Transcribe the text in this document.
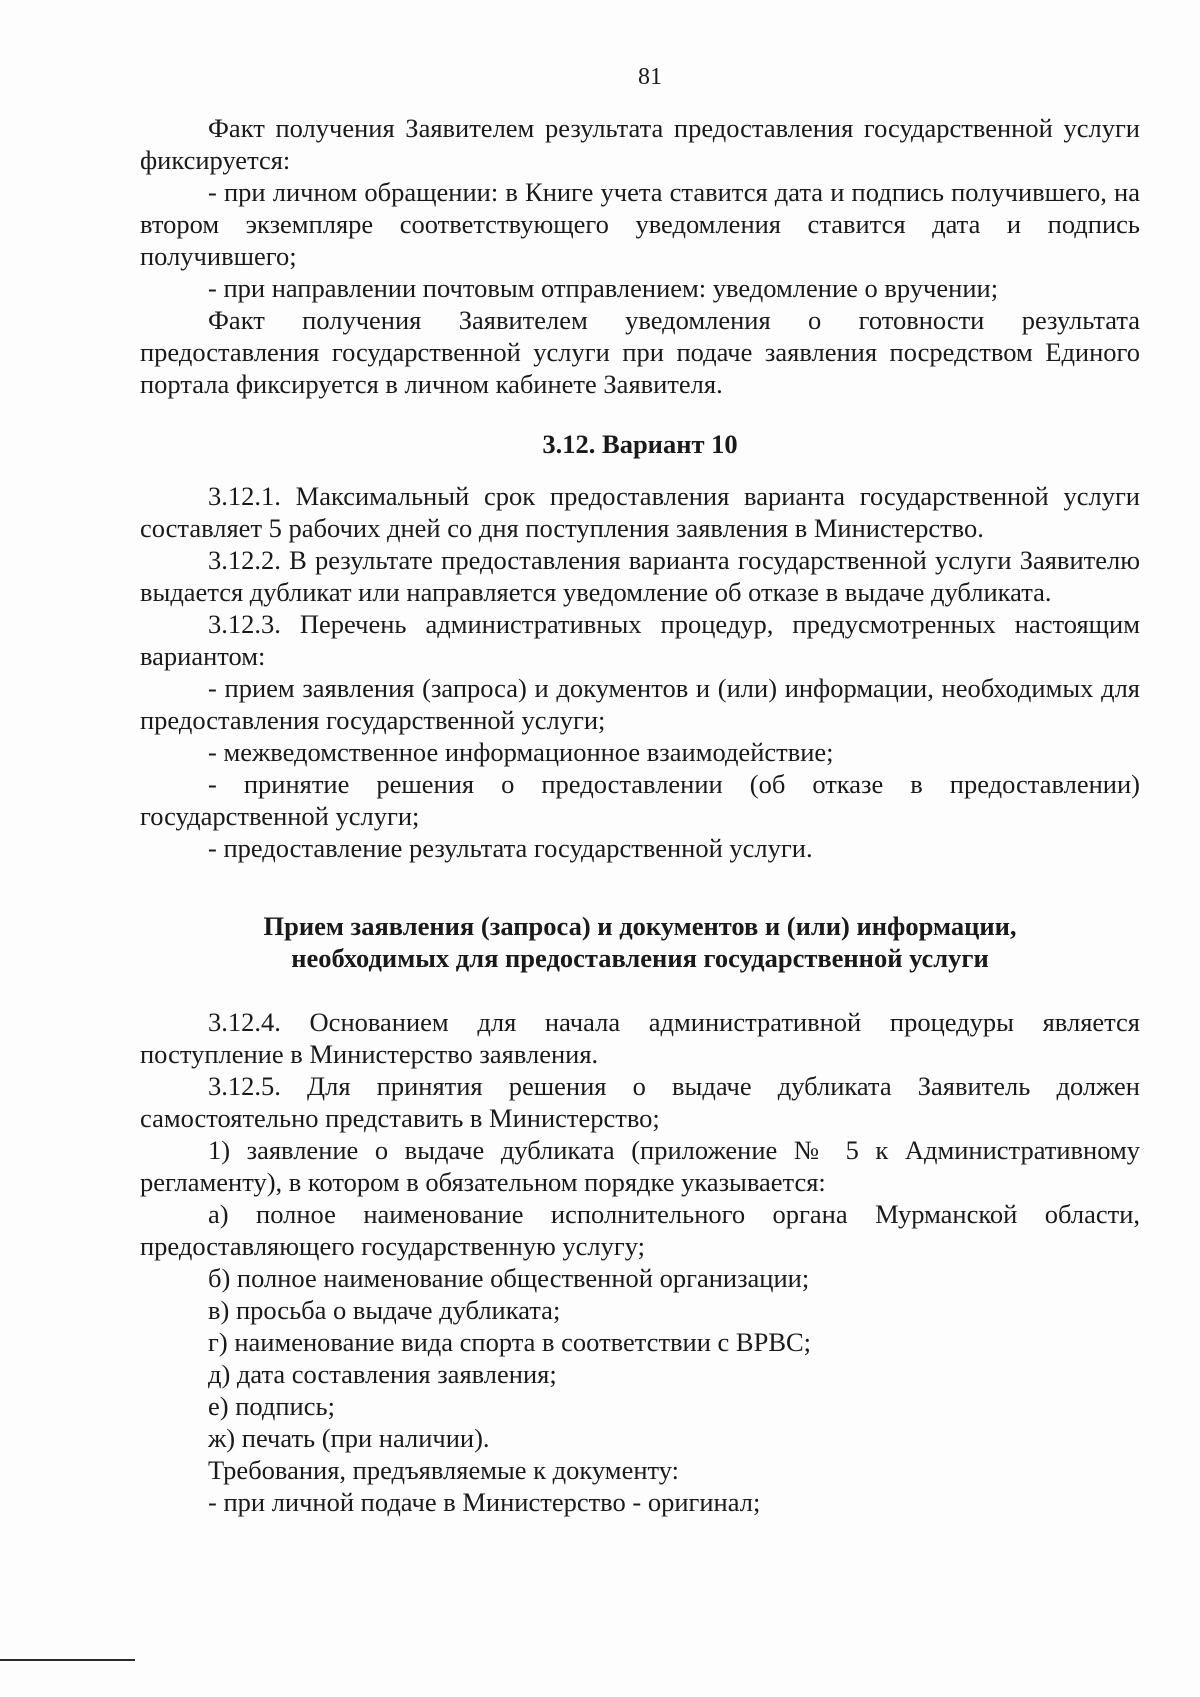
81

Факт получения Заявителем результата предоставления государственной услуги фиксируется:

- при личном обращении: в Книге учета ставится дата и подпись получившего, на втором экземпляре соответствующего уведомления ставится дата и подпись получившего;

- при направлении почтовым отправлением: уведомление о вручении;

Факт получения Заявителем уведомления о готовности результата предоставления государственной услуги при подаче заявления посредством Единого портала фиксируется в личном кабинете Заявителя.

3.12. Вариант 10

3.12.1. Максимальный срок предоставления варианта государственной услуги составляет 5 рабочих дней со дня поступления заявления в Министерство.

3.12.2. В результате предоставления варианта государственной услуги Заявителю выдается дубликат или направляется уведомление об отказе в выдаче дубликата.

3.12.3. Перечень административных процедур, предусмотренных настоящим вариантом:

- прием заявления (запроса) и документов и (или) информации, необходимых для предоставления государственной услуги;

- межведомственное информационное взаимодействие;

- принятие решения о предоставлении (об отказе в предоставлении) государственной услуги;

- предоставление результата государственной услуги.

Прием заявления (запроса) и документов и (или) информации,

необходимых для предоставления государственной услуги

3.12.4. Основанием для начала административной процедуры является поступление в Министерство заявления.

3.12.5. Для принятия решения о выдаче дубликата Заявитель должен самостоятельно представить в Министерство;

1) заявление о выдаче дубликата (приложение № 5 к Административному регламенту), в котором в обязательном порядке указывается:

а) полное наименование исполнительного органа Мурманской области, предоставляющего государственную услугу;

б) полное наименование общественной организации;

в) просьба о выдаче дубликата;

г) наименование вида спорта в соответствии с ВРВС;

д) дата составления заявления;

е) подпись;

ж) печать (при наличии).

Требования, предъявляемые к документу:

- при личной подаче в Министерство - оригинал;
